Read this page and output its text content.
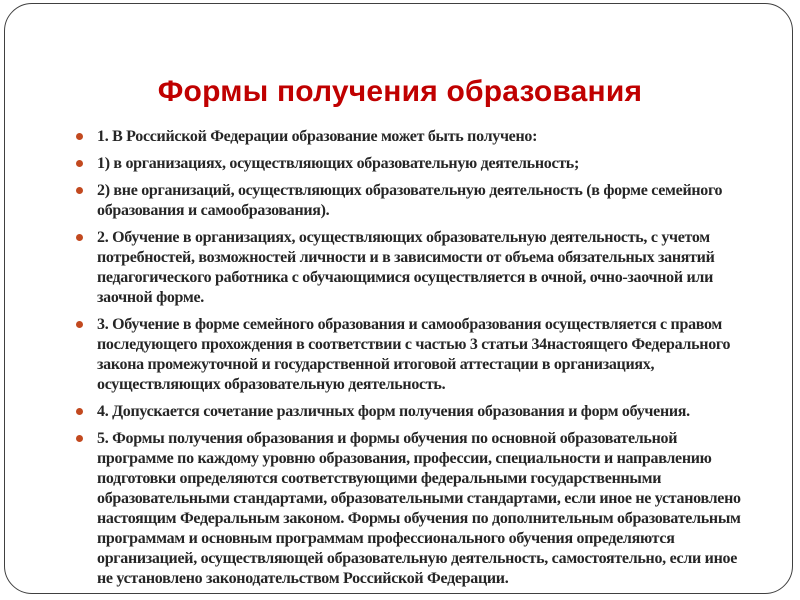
Формы получения образования
1. В Российской Федерации образование может быть получено:
1) в организациях, осуществляющих образовательную деятельность;
2) вне организаций, осуществляющих образовательную деятельность (в форме семейного образования и самообразования).
2. Обучение в организациях, осуществляющих образовательную деятельность, с учетом потребностей, возможностей личности и в зависимости от объема обязательных занятий педагогического работника с обучающимися осуществляется в очной, очно-заочной или заочной форме.
3. Обучение в форме семейного образования и самообразования осуществляется с правом последующего прохождения в соответствии с частью 3 статьи 34настоящего Федерального закона промежуточной и государственной итоговой аттестации в организациях, осуществляющих образовательную деятельность.
4. Допускается сочетание различных форм получения образования и форм обучения.
5. Формы получения образования и формы обучения по основной образовательной программе по каждому уровню образования, профессии, специальности и направлению подготовки определяются соответствующими федеральными государственными образовательными стандартами, образовательными стандартами, если иное не установлено настоящим Федеральным законом. Формы обучения по дополнительным образовательным программам и основным программам профессионального обучения определяются организацией, осуществляющей образовательную деятельность, самостоятельно, если иное не установлено законодательством Российской Федерации.
